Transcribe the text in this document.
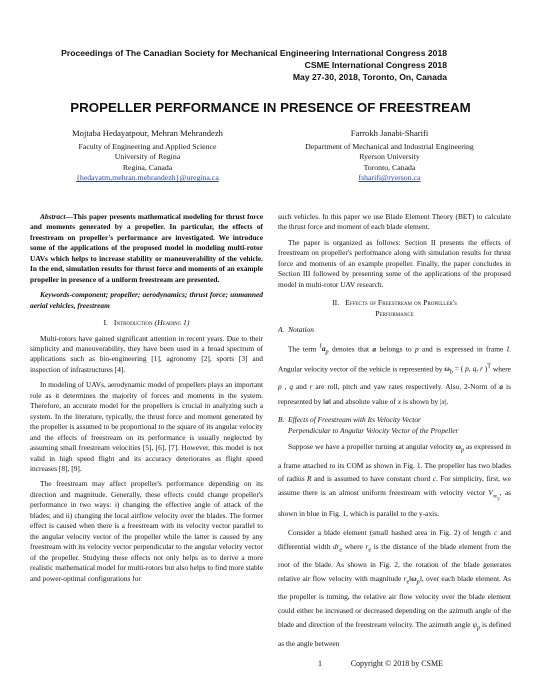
Proceedings of The Canadian Society for Mechanical Engineering International Congress 2018
CSME International Congress 2018
May 27-30, 2018, Toronto, On, Canada
PROPELLER PERFORMANCE IN PRESENCE OF FREESTREAM
Mojtaba Hedayatpour, Mehran Mehrandezh
Faculty of Engineering and Applied Science
University of Regina
Regina, Canada
{hedayatm,mehran.mehrandezh}@uregina.ca
Farrokh Janabi-Sharifi
Department of Mechanical and Industrial Engineering
Ryerson University
Toronto, Canada
fsharifi@ryerson.ca

Abstract—This paper presents mathematical modeling for thrust force and moments generated by a propeller. In particular, the effects of freestream on propeller's performance are investigated. We introduce some of the applications of the proposed model in modeling multi-rotor UAVs which helps to increase stability or maneuverability of the vehicle. In the end, simulation results for thrust force and moments of an example propeller in presence of a uniform freestream are presented.

Keywords-component; propeller; aerodynamics; thrust force; unmanned aerial vehicles, freestream

I. Introduction (Heading 1)

Multi-rotors have gained significant attention in recent years. Due to their simplicity and maneuverability, they have been used in a broad spectrum of applications such as bio-engineering [1], agronomy [2], sports [3] and inspection of infrastructures [4].

In modeling of UAVs, aerodynamic model of propellers plays an important role as it determines the majority of forces and moments in the system. Therefore, an accurate model for the propellers is crucial in analyzing such a system. In the literature, typically, the thrust force and moment generated by the propeller is assumed to be proportional to the square of its angular velocity and the effects of freestream on its performance is usually neglected by assuming small freestream velocities [5], [6], [7]. However, this model is not valid in high speed flight and its accuracy deteriorates as flight speed increases [8], [9].

The freestream may affect propeller's performance depending on its direction and magnitude. Generally, these effects could change propeller's performance in two ways: i) changing the effective angle of attack of the blades; and ii) changing the local airflow velocity over the blades. The former effect is caused when there is a freestream with its velocity vector parallel to the angular velocity vector of the propeller while the latter is caused by any freestream with its velocity vector perpendicular to the angular velocity vector of the propeller. Studying these effects not only helps us to derive a more realistic mathematical model for multi-rotors but also helps to find more stable and power-optimal configurations for

such vehicles. In this paper we use Blade Element Theory (BET) to calculate the thrust force and moment of each blade element.

The paper is organized as follows: Section II presents the effects of freestream on propeller's performance along with simulation results for thrust force and moments of an example propeller. Finally, the paper concludes in Section III followed by presenting some of the applications of the proposed model in multi-rotor UAV research.

II. Effects of Freestream on Propeller's
Performance
A. Notation

The term $^Ia_p$ denotes that a belongs to p and is expressed in frame I. Angular velocity vector of the vehicle is represented by $\omega_b$ = ( p, q, r )$^T$ where p , q and r are roll, pitch and yaw rates respectively. Also, 2-Norm of a is represented by ‖a‖ and absolute value of x is shown by |x|.

B. Effects of Freestream with Its Velocity Vector
Perpendicular to Angular Velocity Vector of the Propeller

Suppose we have a propeller turning at angular velocity $\omega_p$ as expressed in a frame attached to its COM as shown in Fig. 1. The propeller has two blades of radius R and is assumed to have constant chord c. For simplicity, first, we assume there is an almost uniform freestream with velocity vector $V_{\infty_y}$, as shown in blue in Fig. 1, which is parallel to the y-axis.

Consider a blade element (small hashed area in Fig. 2) of length c and differential width $dr_e$ where $r_e$ is the distance of the blade element from the root of the blade. As shown in Fig. 2, the rotation of the blade generates relative air flow velocity with magnitude $r_e‖\omega_p‖$, over each blade element. As the propeller is turning, the relative air flow velocity over the blade element could either be increased or decreased depending on the azimuth angle of the blade and direction of the freestream velocity. The azimuth angle $\psi_p$ is defined as the angle between

1	Copyright © 2018 by CSME
